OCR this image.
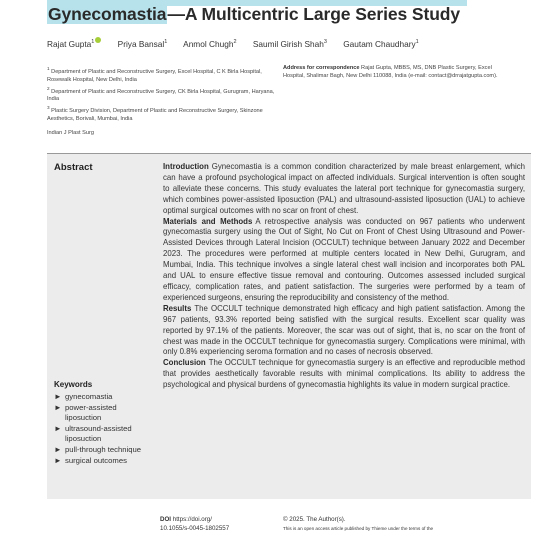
Gynecomastia—A Multicentric Large Series Study
Rajat Gupta$^1$	Priya Bansal$^1$ Anmol Chugh$^2$ Saumil Girish Shah$^3$ Gautam Chaudhary$^1$
$^1$ Department of Plastic and Reconstructive Surgery, Excel Hospital, C K Birla Hospital, Rosewalk Hospital, New Delhi, India
$^2$ Department of Plastic and Reconstructive Surgery, CK Birla Hospital, Gurugram, Haryana, India
$^3$ Plastic Surgery Division, Department of Plastic and Reconstructive Surgery, Skinzone Aesthetics, Borivali, Mumbai, India
Address for correspondence Rajat Gupta, MBBS, MS, DNB Plastic Surgery, Excel Hospital, Shalimar Bagh, New Delhi 110088, India (e-mail: contact@drrajatgupta.com).
Indian J Plast Surg
Abstract
Keywords
► gynecomastia
► power-assisted liposuction
► ultrasound-assisted liposuction
► pull-through technique
► surgical outcomes

Introduction Gynecomastia is a common condition characterized by male breast enlargement, which can have a profound psychological impact on affected individuals. Surgical intervention is often sought to alleviate these concerns. This study evaluates the lateral port technique for gynecomastia surgery, which combines power-assisted liposuction (PAL) and ultrasound-assisted liposuction (UAL) to achieve optimal surgical outcomes with no scar on front of chest.

Materials and Methods A retrospective analysis was conducted on 967 patients who underwent gynecomastia surgery using the Out of Sight, No Cut on Front of Chest Using Ultrasound and Power-Assisted Devices through Lateral Incision (OCCULT) technique between January 2022 and December 2023. The procedures were performed at multiple centers located in New Delhi, Gurugram, and Mumbai, India. This technique involves a single lateral chest wall incision and incorporates both PAL and UAL to ensure effective tissue removal and contouring. Outcomes assessed included surgical efficacy, complication rates, and patient satisfaction. The surgeries were performed by a team of experienced surgeons, ensuring the reproducibility and consistency of the method.

Results The OCCULT technique demonstrated high efficacy and high patient satisfaction. Among the 967 patients, 93.3% reported being satisfied with the surgical results. Excellent scar quality was reported by 97.1% of the patients. Moreover, the scar was out of sight, that is, no scar on the front of chest was made in the OCCULT technique for gynecomastia surgery. Complications were minimal, with only 0.8% experiencing seroma formation and no cases of necrosis observed.

Conclusion The OCCULT technique for gynecomastia surgery is an effective and reproducible method that provides aesthetically favorable results with minimal complications. Its ability to address the psychological and physical burdens of gynecomastia highlights its value in modern surgical practice.

DOI https://doi.org/
10.1055/s-0045-1802557
© 2025. The Author(s).
This is an open access article published by Thieme under the terms of the
